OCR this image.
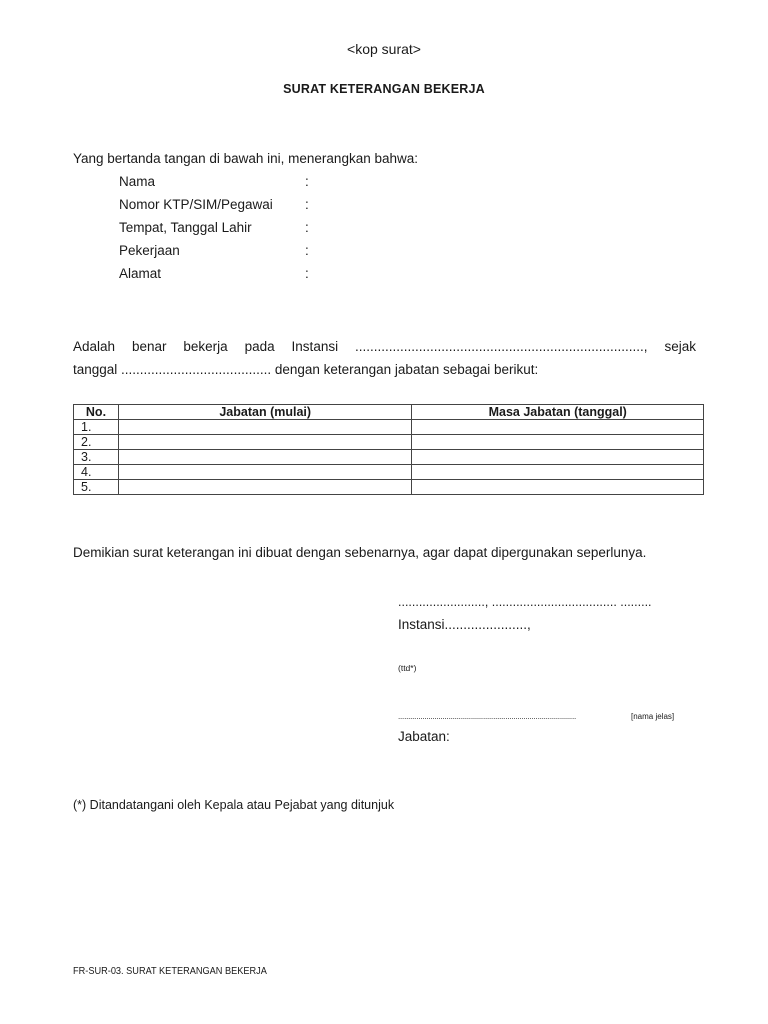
<kop surat>
SURAT KETERANGAN BEKERJA
Yang bertanda tangan di bawah ini, menerangkan bahwa:
Nama	:
Nomor KTP/SIM/Pegawai :
Tempat, Tanggal Lahir	:
Pekerjaan	:
Alamat	:
Adalah benar bekerja pada Instansi ............................................................................., sejak
tanggal ........................................ dengan keterangan jabatan sebagai berikut:
No.	Jabatan (mulai)	Masa Jabatan (tanggal)
1.		
2.		
3.		
4.		
5.		
Demikian surat keterangan ini dibuat dengan sebenarnya, agar dapat dipergunakan seperlunya.
........................., .................................... .........
Instansi......................,
(ttd*)
........................................................................................	[nama jelas]
Jabatan:
(*) Ditandatangani oleh Kepala atau Pejabat yang ditunjuk
FR-SUR-03. SURAT KETERANGAN BEKERJA
